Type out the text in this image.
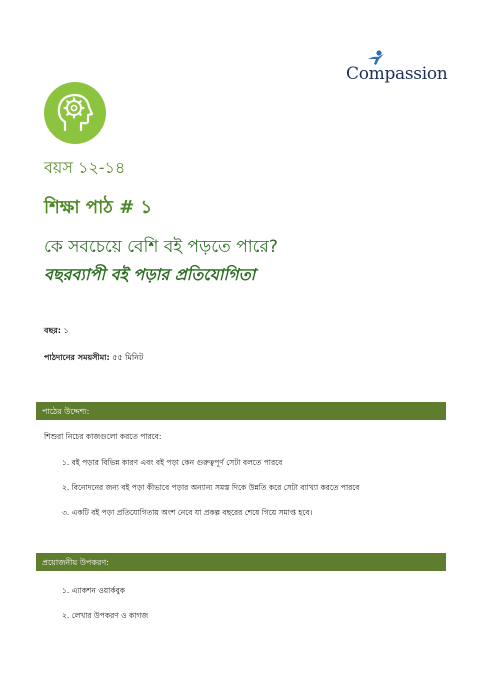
Compassion
বয়স ১২-১৪
শিক্ষা পাঠ # ১
কে সবচেয়ে বেশি বই পড়তে পারে?
বছরব্যাপী বই পড়ার প্রতিযোগিতা
বছর: ১
পাঠদানের সময়সীমা: ৫৫ মিনিট
পাঠের উদ্দেশ্য:
শিশুরা নিচের কাজগুলো করতে পারবে:
১. বই পড়ার বিভিন্ন কারণ এবং বই পড়া কেন গুরুত্বপূর্ণ সেটা বলতে পারবে
২. বিনোদনের জন্য বই পড়া কীভাবে পড়ার অন্যান্য সমস্ত দিকে উন্নতি করে সেটা ব্যাখ্যা করতে পারবে
৩. একটি বই পড়া প্রতিযোগিতায় অংশ নেবে যা প্রকল্প বছরের শেষে গিয়ে সমাপ্ত হবে।
প্রয়োজনীয় উপকরণ:
১. এ্যাকশন ওয়ার্কবুক
২. লেখার উপকরণ ও কাগজ
